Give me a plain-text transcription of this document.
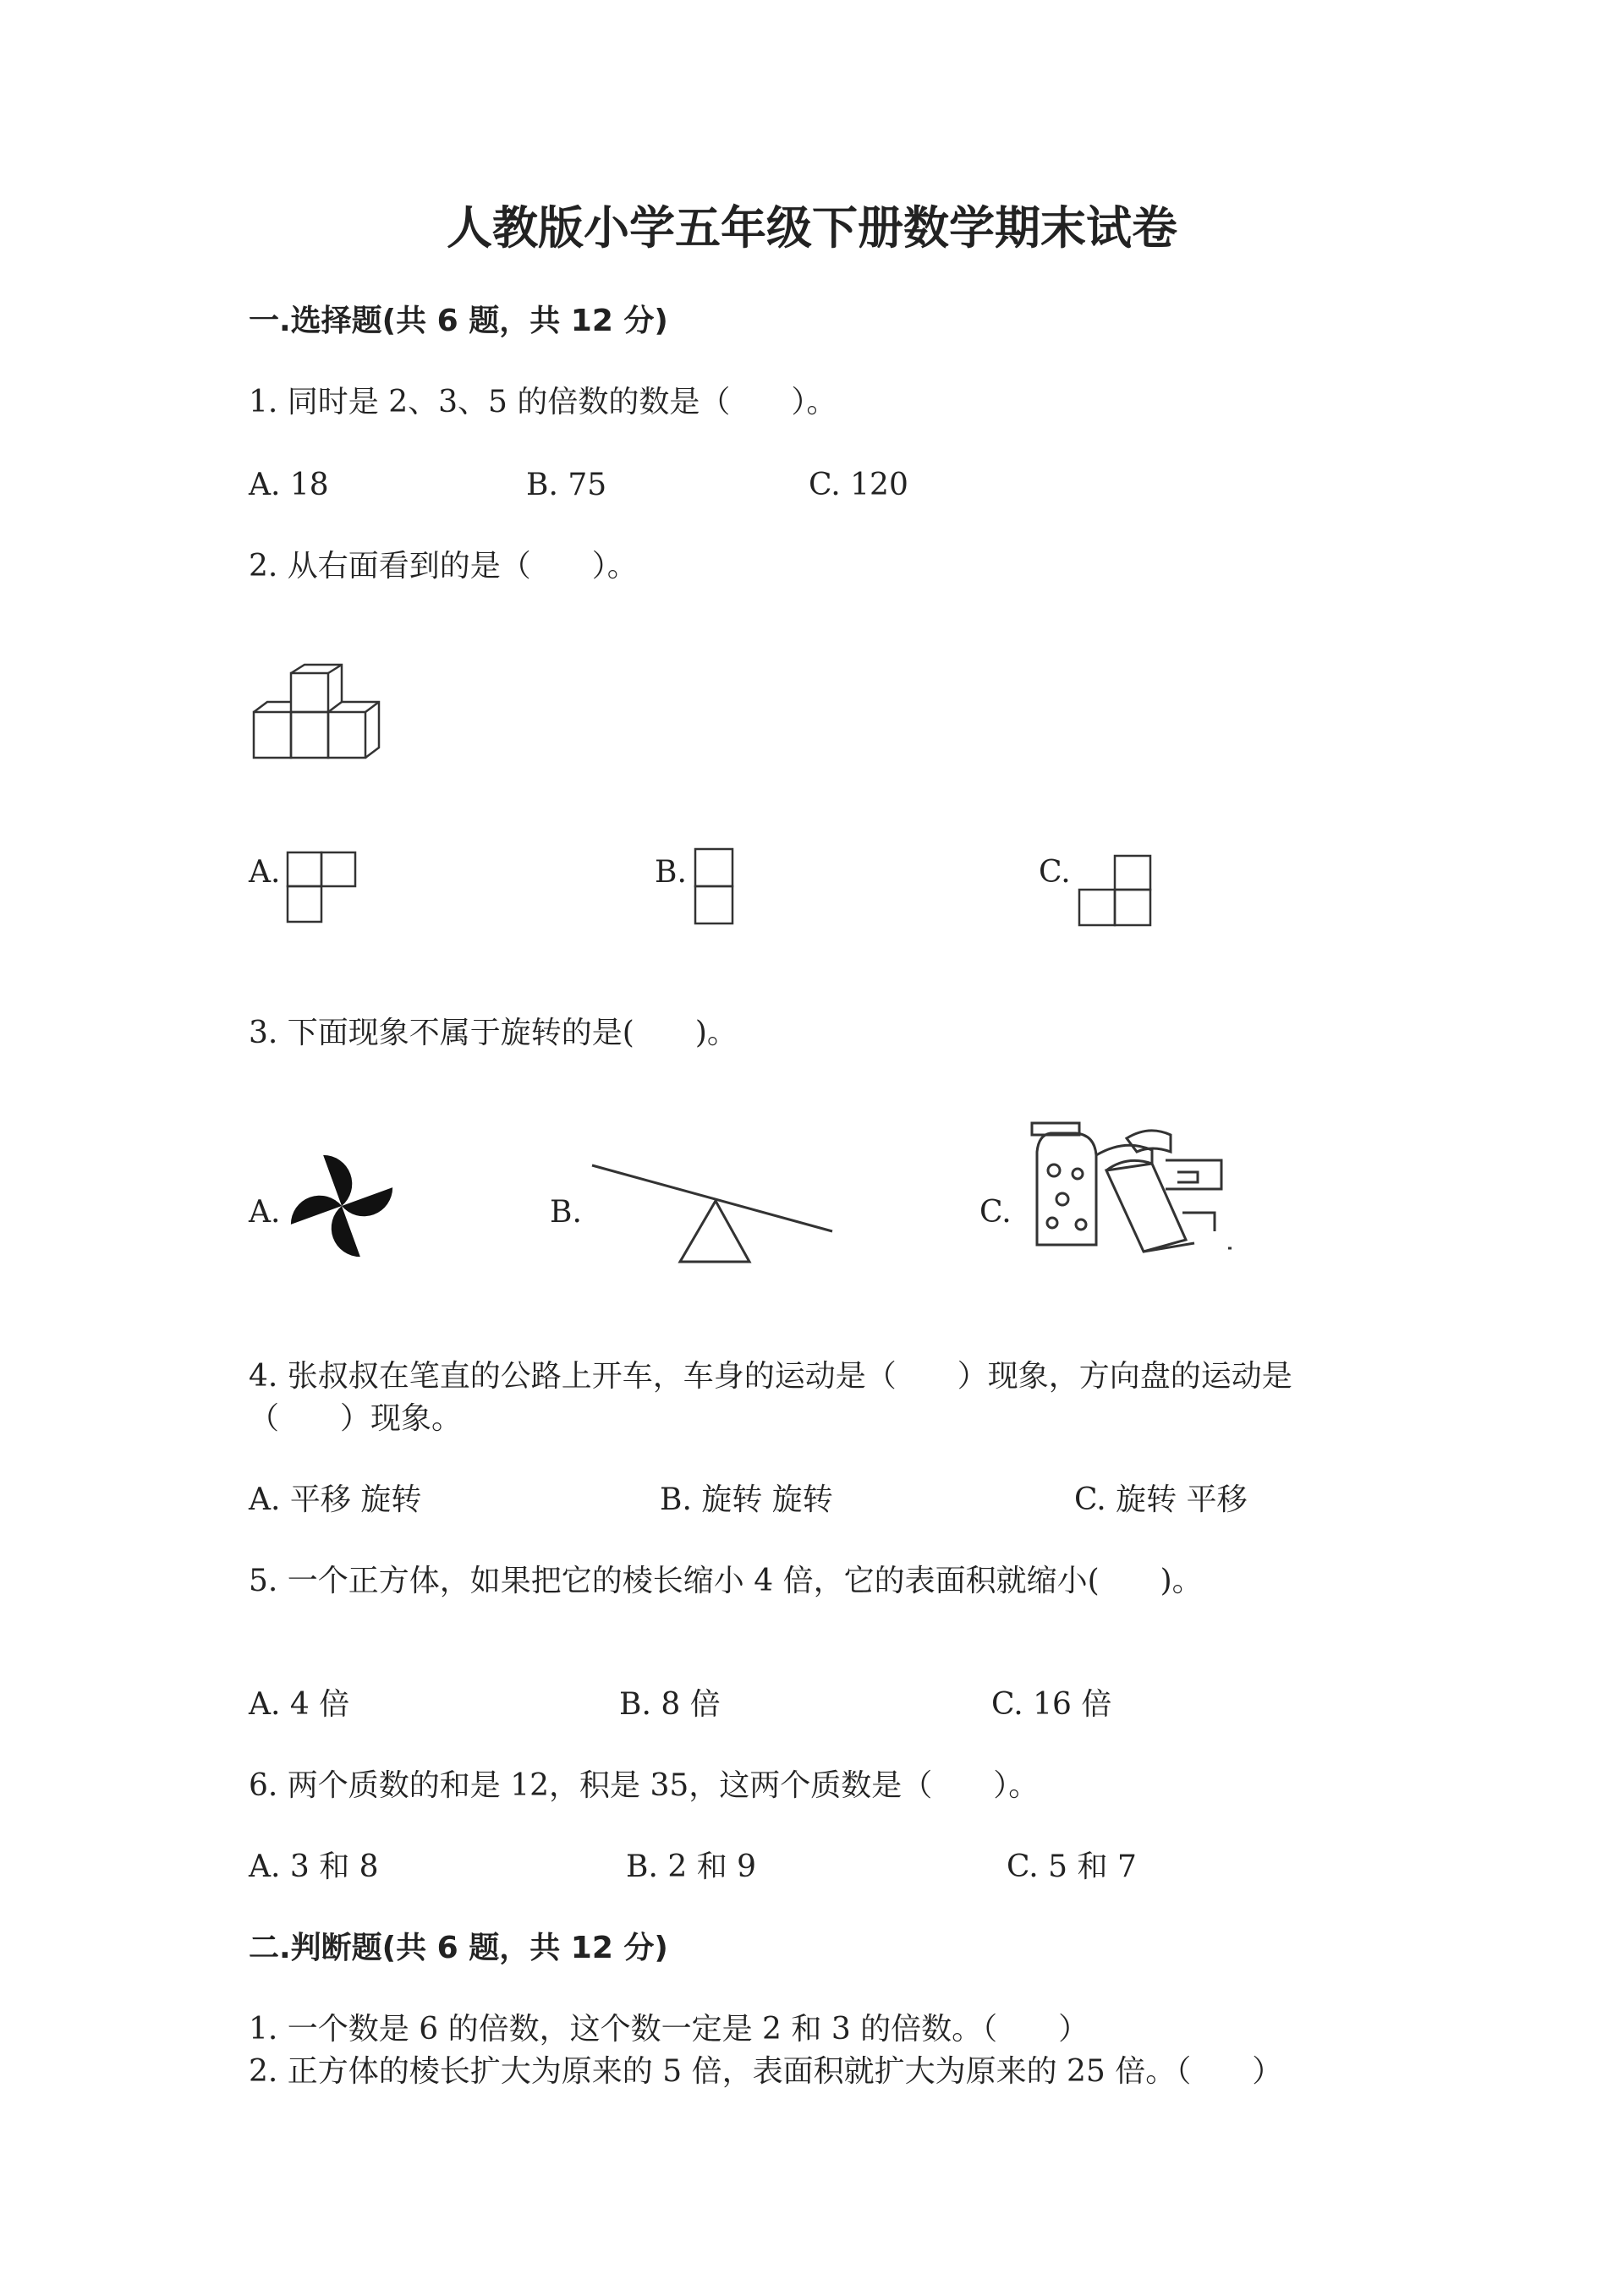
人教版小学五年级下册数学期末试卷
一.选择题(共 6 题，共 12 分)
1. 同时是 2、3、5 的倍数的数是（　　）。
A. 18	B. 75	C. 120
2. 从右面看到的是（　　）。
A.	B.	C.
3. 下面现象不属于旋转的是(　　)。
A.	B.	C.
4. 张叔叔在笔直的公路上开车，车身的运动是（　　）现象，方向盘的运动是
（　　）现象。
A. 平移 旋转	B. 旋转 旋转	C. 旋转 平移
5. 一个正方体，如果把它的棱长缩小 4 倍，它的表面积就缩小(　　)。
A. 4 倍	B. 8 倍	C. 16 倍
6. 两个质数的和是 12，积是 35，这两个质数是（　　）。
A. 3 和 8	B. 2 和 9	C. 5 和 7
二.判断题(共 6 题，共 12 分)
1. 一个数是 6 的倍数，这个数一定是 2 和 3 的倍数。（　　）
2. 正方体的棱长扩大为原来的 5 倍，表面积就扩大为原来的 25 倍。（　　）
